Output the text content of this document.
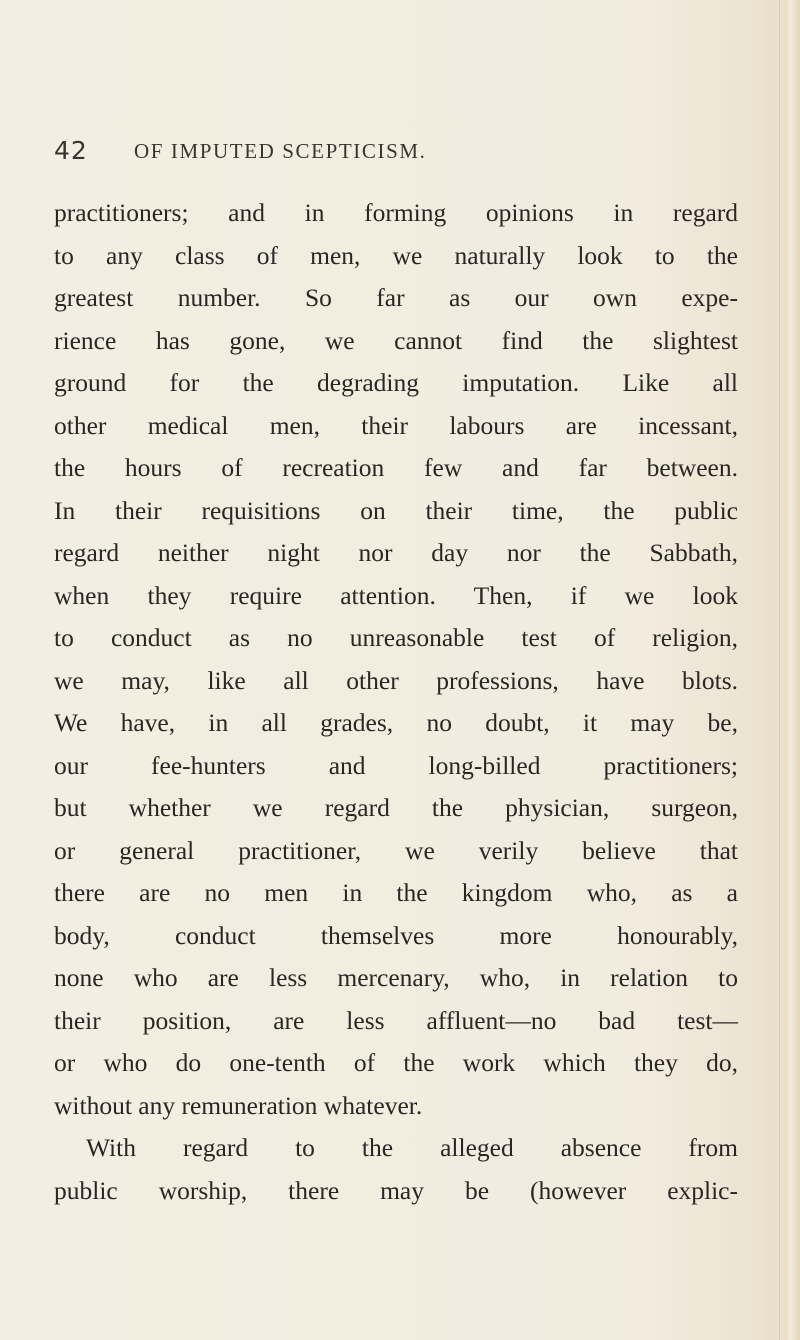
42 OF IMPUTED SCEPTICISM.
practitioners; and in forming opinions in regard
to any class of men, we naturally look to the
greatest number. So far as our own expe-
rience has gone, we cannot find the slightest
ground for the degrading imputation. Like all
other medical men, their labours are incessant,
the hours of recreation few and far between.
In their requisitions on their time, the public
regard neither night nor day nor the Sabbath,
when they require attention. Then, if we look
to conduct as no unreasonable test of religion,
we may, like all other professions, have blots.
We have, in all grades, no doubt, it may be,
our fee-hunters and long-billed practitioners;
but whether we regard the physician, surgeon,
or general practitioner, we verily believe that
there are no men in the kingdom who, as a
body, conduct themselves more honourably,
none who are less mercenary, who, in relation to
their position, are less affluent—no bad test—
or who do one-tenth of the work which they do,
without any remuneration whatever.
With regard to the alleged absence from
public worship, there may be (however explic-
